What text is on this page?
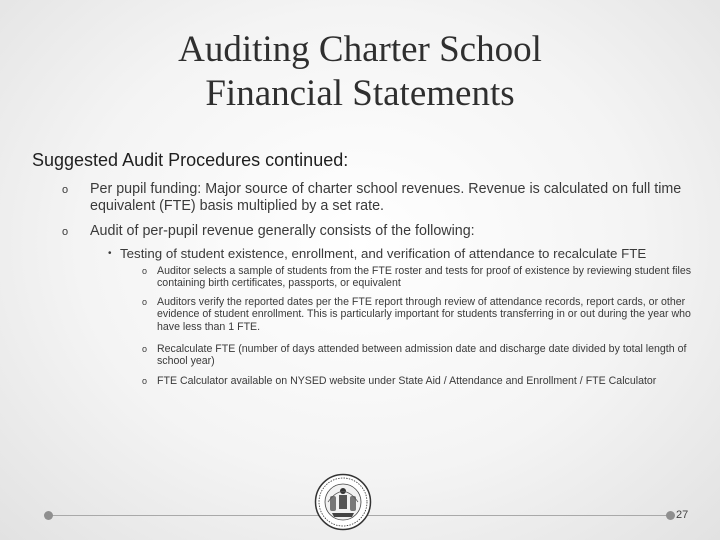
Auditing Charter School
Financial Statements
Suggested Audit Procedures continued:
o Per pupil funding: Major source of charter school revenues. Revenue is calculated on full time equivalent (FTE) basis multiplied by a set rate.
o Audit of per-pupil revenue generally consists of the following:
• Testing of student existence, enrollment, and verification of attendance to recalculate FTE
o Auditor selects a sample of students from the FTE roster and tests for proof of existence by reviewing student files containing birth certificates, passports, or equivalent
o Auditors verify the reported dates per the FTE report through review of attendance records, report cards, or other evidence of student enrollment. This is particularly important for students transferring in or out during the year who have less than 1 FTE.
o Recalculate FTE (number of days attended between admission date and discharge date divided by total length of school year)
o FTE Calculator available on NYSED website under State Aid / Attendance and Enrollment / FTE Calculator
27
